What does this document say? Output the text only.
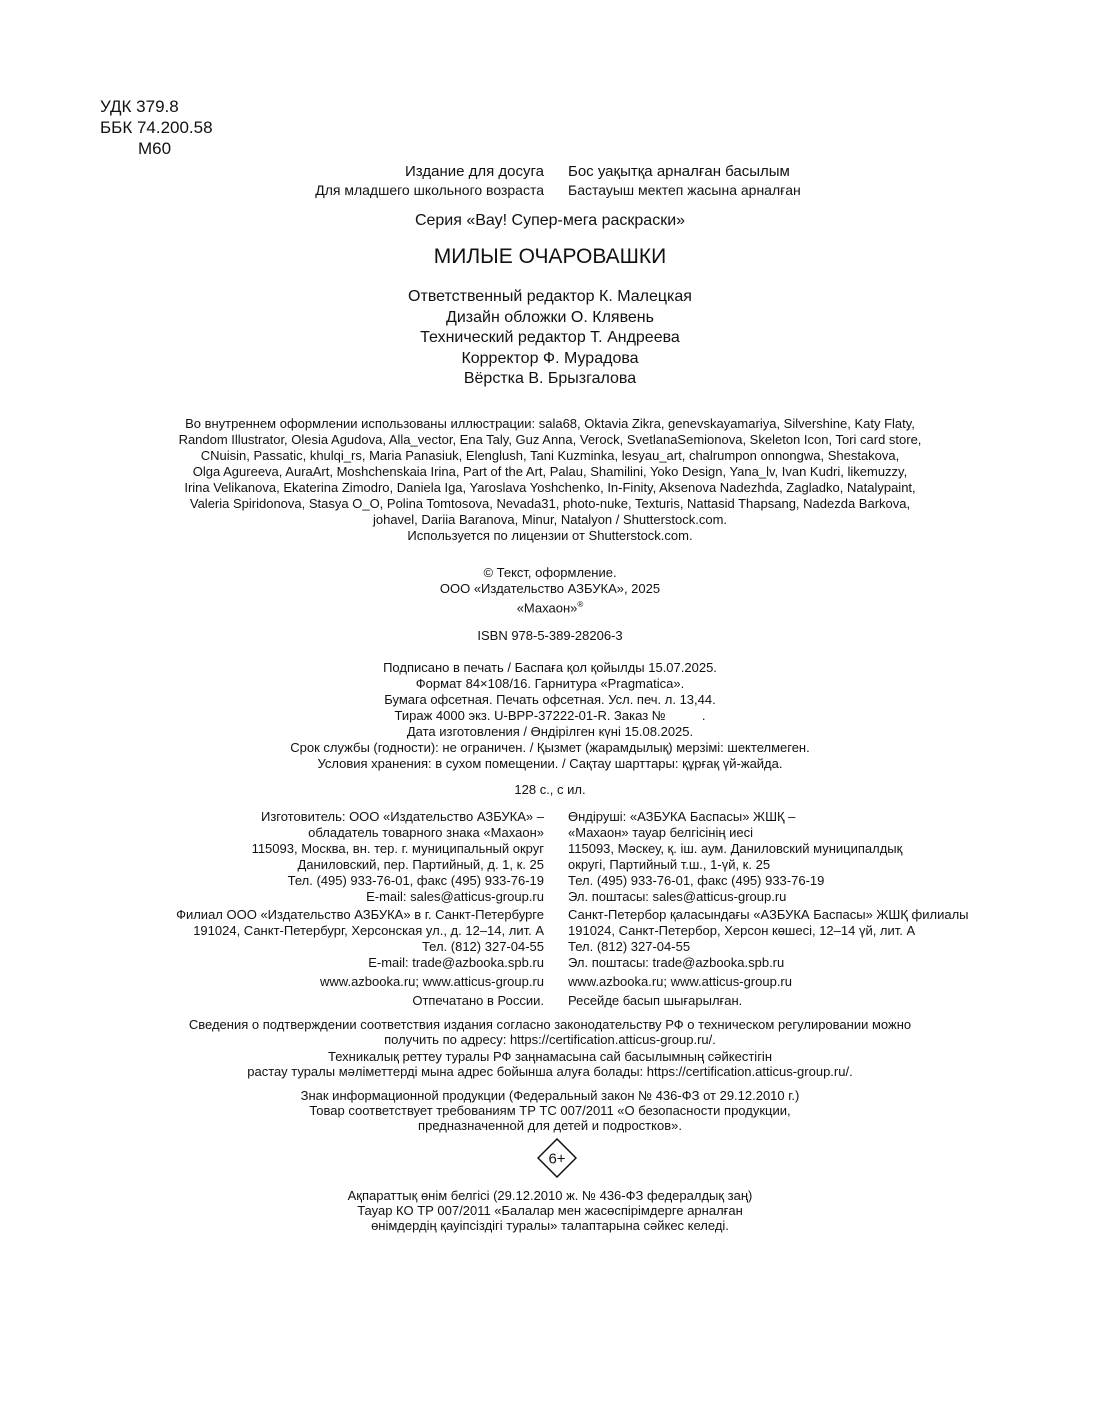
УДК 379.8
ББК 74.200.58
М60
Издание для досуга Бос уақытқа арналған басылым
Для младшего школьного возраста Бастауыш мектеп жасына арналған
Серия «Вау! Супер-мега раскраски»
МИЛЫЕ ОЧАРОВАШКИ
Ответственный редактор К. Малецкая
Дизайн обложки О. Клявень
Технический редактор Т. Андреева
Корректор Ф. Мурадова
Вёрстка В. Брызгалова
Во внутреннем оформлении использованы иллюстрации: sala68, Oktavia Zikra, genevskayamariya, Silvershine, Katy Flaty,
Random Illustrator, Olesia Agudova, Alla_vector, Ena Taly, Guz Anna, Verock, SvetlanaSemionova, Skeleton Icon, Tori card store,
CNuisin, Passatic, khulqi_rs, Maria Panasiuk, Elenglush, Tani Kuzminka, lesyau_art, chalrumpon onnongwa, Shestakova,
Olga Agureeva, AuraArt, Moshchenskaia Irina, Part of the Art, Palau, Shamilini, Yoko Design, Yana_lv, Ivan Kudri, likemuzzy,
Irina Velikanova, Ekaterina Zimodro, Daniela Iga, Yaroslava Yoshchenko, In-Finity, Aksenova Nadezhda, Zagladko, Natalypaint,
Valeria Spiridonova, Stasya O_O, Polina Tomtosova, Nevada31, photo-nuke, Texturis, Nattasid Thapsang, Nadezda Barkova,
johavel, Dariia Baranova, Minur, Natalyon / Shutterstock.com.
Используется по лицензии от Shutterstock.com.
© Текст, оформление.
ООО «Издательство АЗБУКА», 2025
«Махаон»®
ISBN 978-5-389-28206-3
Подписано в печать / Баспаға қол қойылды 15.07.2025.
Формат 84×108/16. Гарнитура «Pragmatica».
Бумага офсетная. Печать офсетная. Усл. печ. л. 13,44.
Тираж 4000 экз. U-BPP-37222-01-R. Заказ №          .
Дата изготовления / Өндірілген күні 15.08.2025.
Срок службы (годности): не ограничен. / Қызмет (жарамдылық) мерзімі: шектелмеген.
Условия хранения: в сухом помещении. / Сақтау шарттары: құрғақ үй-жайда.
128 с., с ил.
Изготовитель: ООО «Издательство АЗБУКА» –
обладатель товарного знака «Махаон»
115093, Москва, вн. тер. г. муниципальный округ
Даниловский, пер. Партийный, д. 1, к. 25
Тел. (495) 933-76-01, факс (495) 933-76-19
E-mail: sales@atticus-group.ru
Өндіруші: «АЗБУКА Баспасы» ЖШҚ –
«Махаон» тауар белгісінің иесі
115093, Мәскеу, қ. іш. аум. Даниловский муниципалдық
округі, Партийный т.ш., 1-үй, к. 25
Тел. (495) 933-76-01, факс (495) 933-76-19
Эл. поштасы: sales@atticus-group.ru
Филиал ООО «Издательство АЗБУКА» в г. Санкт-Петербурге
191024, Санкт-Петербург, Херсонская ул., д. 12–14, лит. А
Тел. (812) 327-04-55
E-mail: trade@azbooka.spb.ru
Санкт-Петербор қаласындағы «АЗБУКА Баспасы» ЖШҚ филиалы
191024, Санкт-Петербор, Херсон көшесі, 12–14 үй, лит. А
Тел. (812) 327-04-55
Эл. поштасы: trade@azbooka.spb.ru
www.azbooka.ru; www.atticus-group.ru www.azbooka.ru; www.atticus-group.ru
Отпечатано в России. Ресейде басып шығарылған.
Сведения о подтверждении соответствия издания согласно законодательству РФ о техническом регулировании можно
получить по адресу: https://certification.atticus-group.ru/.
Техникалық реттеу туралы РФ заңнамасына сай басылымның сәйкестігін
растау туралы мәліметтерді мына адрес бойынша алуға болады: https://certification.atticus-group.ru/.
Знак информационной продукции (Федеральный закон № 436-ФЗ от 29.12.2010 г.)
Товар соответствует требованиям ТР ТС 007/2011 «О безопасности продукции,
предназначенной для детей и подростков».
6+
Ақпараттық өнім белгісі (29.12.2010 ж. № 436-ФЗ федералдық заң)
Тауар КО ТР 007/2011 «Балалар мен жасөспірімдерге арналған
өнімдердің қауіпсіздігі туралы» талаптарына сәйкес келеді.
